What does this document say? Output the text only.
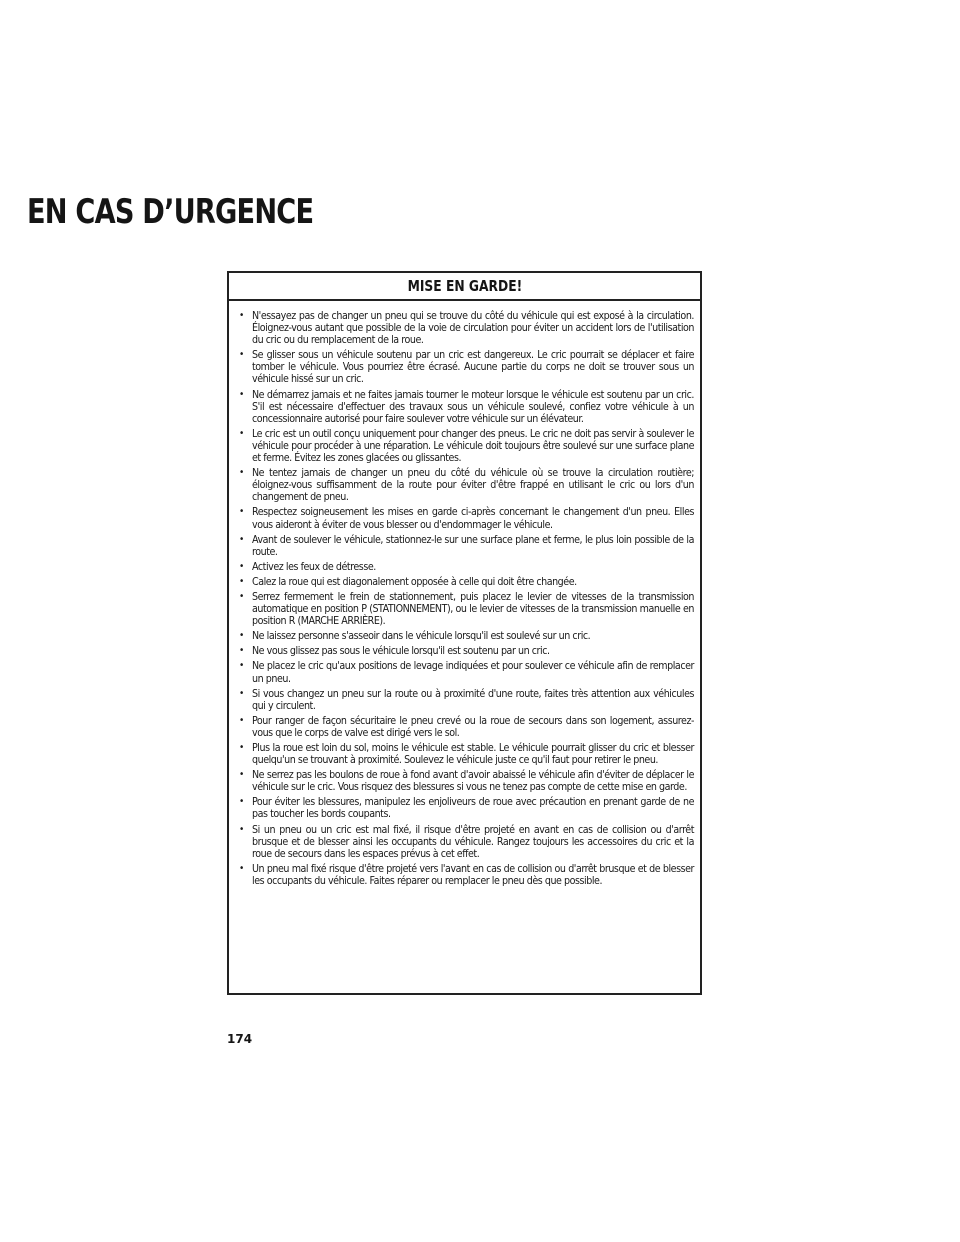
EN CAS D’URGENCE
MISE EN GARDE!
• N'essayez pas de changer un pneu qui se trouve du côté du véhicule qui est exposé à la circulation. Éloignez-vous autant que possible de la voie de circulation pour éviter un accident lors de l'utilisation du cric ou du remplacement de la roue.
• Se glisser sous un véhicule soutenu par un cric est dangereux. Le cric pourrait se déplacer et faire tomber le véhicule. Vous pourriez être écrasé. Aucune partie du corps ne doit se trouver sous un véhicule hissé sur un cric.
• Ne démarrez jamais et ne faites jamais tourner le moteur lorsque le véhicule est soutenu par un cric. S'il est nécessaire d'effectuer des travaux sous un véhicule soulevé, confiez votre véhicule à un concessionnaire autorisé pour faire soulever votre véhicule sur un élévateur.
• Le cric est un outil conçu uniquement pour changer des pneus. Le cric ne doit pas servir à soulever le véhicule pour procéder à une réparation. Le véhicule doit toujours être soulevé sur une surface plane et ferme. Évitez les zones glacées ou glissantes.
• Ne tentez jamais de changer un pneu du côté du véhicule où se trouve la circulation routière; éloignez-vous suffisamment de la route pour éviter d'être frappé en utilisant le cric ou lors d'un changement de pneu.
• Respectez soigneusement les mises en garde ci-après concernant le changement d'un pneu. Elles vous aideront à éviter de vous blesser ou d'endommager le véhicule.
• Avant de soulever le véhicule, stationnez-le sur une surface plane et ferme, le plus loin possible de la route.
• Activez les feux de détresse.
• Calez la roue qui est diagonalement opposée à celle qui doit être changée.
• Serrez fermement le frein de stationnement, puis placez le levier de vitesses de la transmission automatique en position P (STATIONNEMENT), ou le levier de vitesses de la transmission manuelle en position R (MARCHE ARRIÈRE).
• Ne laissez personne s'asseoir dans le véhicule lorsqu'il est soulevé sur un cric.
• Ne vous glissez pas sous le véhicule lorsqu'il est soutenu par un cric.
• Ne placez le cric qu'aux positions de levage indiquées et pour soulever ce véhicule afin de remplacer un pneu.
• Si vous changez un pneu sur la route ou à proximité d'une route, faites très attention aux véhicules qui y circulent.
• Pour ranger de façon sécuritaire le pneu crevé ou la roue de secours dans son logement, assurez-vous que le corps de valve est dirigé vers le sol.
• Plus la roue est loin du sol, moins le véhicule est stable. Le véhicule pourrait glisser du cric et blesser quelqu'un se trouvant à proximité. Soulevez le véhicule juste ce qu'il faut pour retirer le pneu.
• Ne serrez pas les boulons de roue à fond avant d'avoir abaissé le véhicule afin d'éviter de déplacer le véhicule sur le cric. Vous risquez des blessures si vous ne tenez pas compte de cette mise en garde.
• Pour éviter les blessures, manipulez les enjoliveurs de roue avec précaution en prenant garde de ne pas toucher les bords coupants.
• Si un pneu ou un cric est mal fixé, il risque d'être projeté en avant en cas de collision ou d'arrêt brusque et de blesser ainsi les occupants du véhicule. Rangez toujours les accessoires du cric et la roue de secours dans les espaces prévus à cet effet.
• Un pneu mal fixé risque d'être projeté vers l'avant en cas de collision ou d'arrêt brusque et de blesser les occupants du véhicule. Faites réparer ou remplacer le pneu dès que possible.
174
